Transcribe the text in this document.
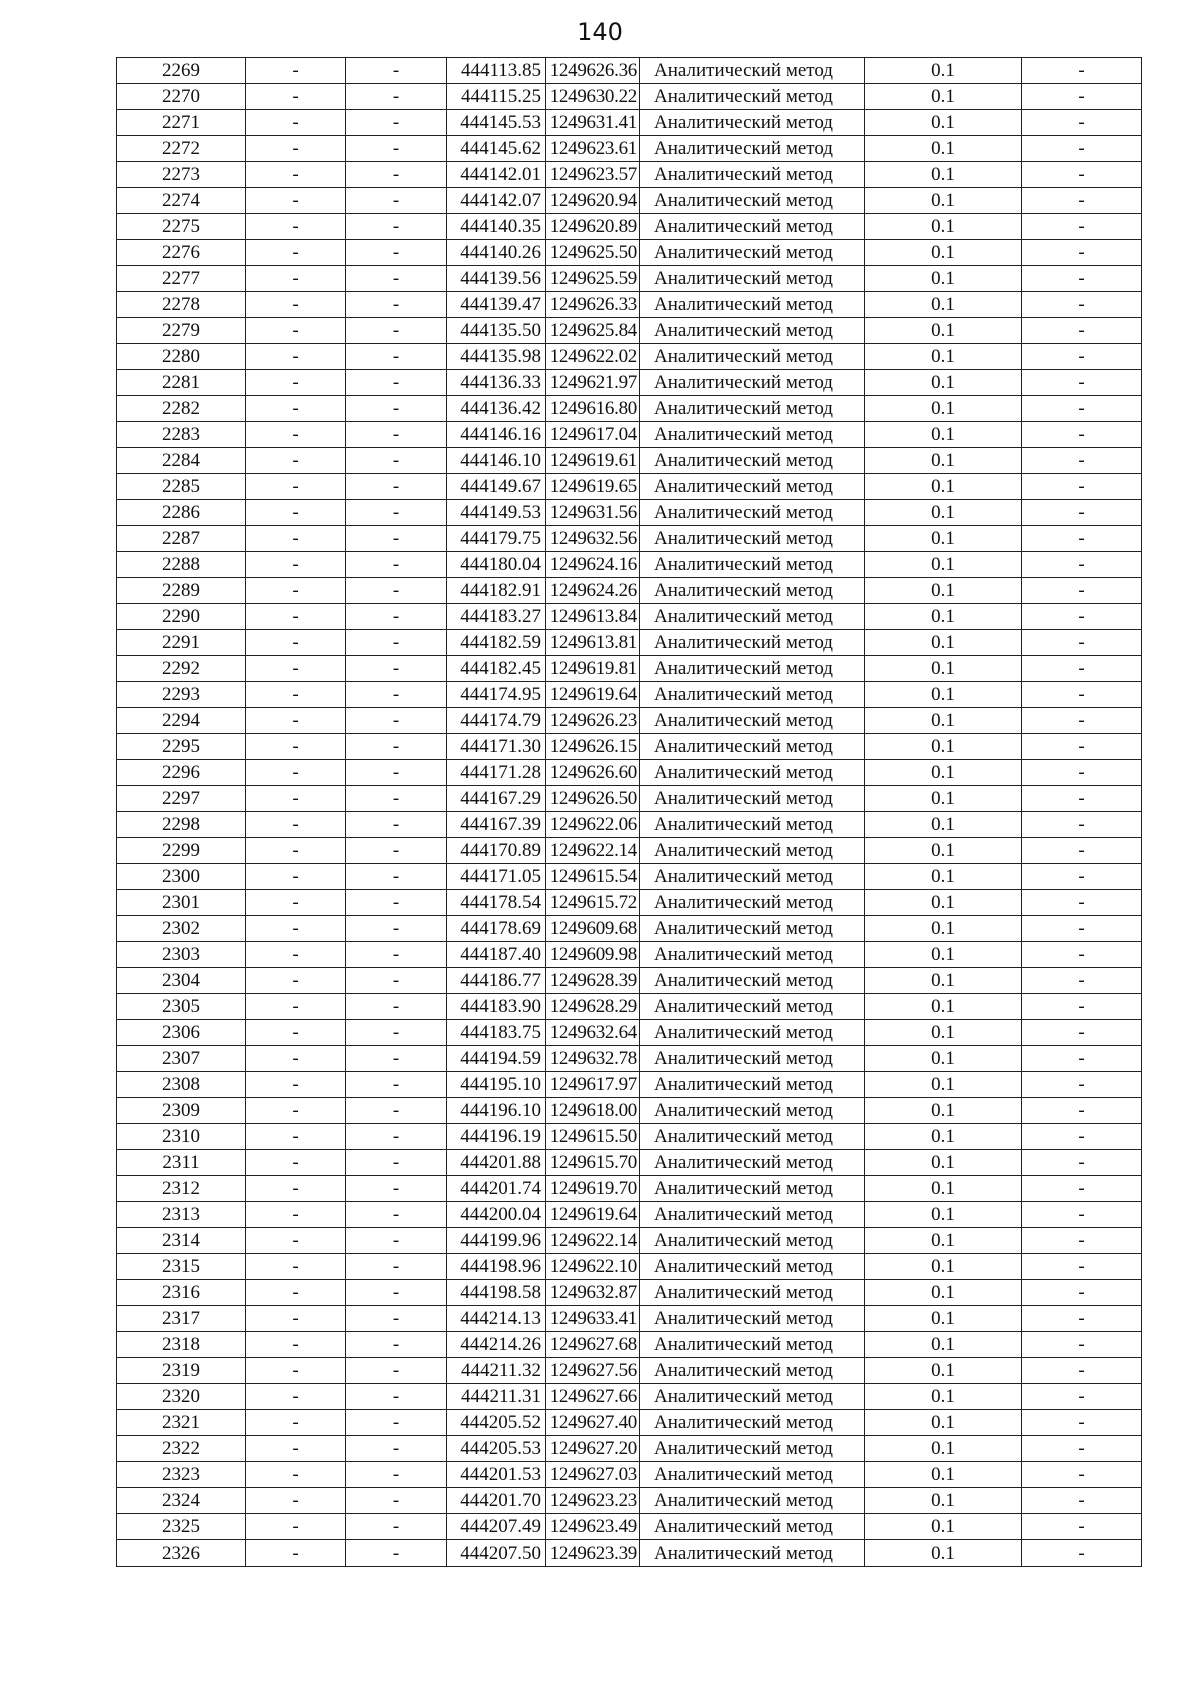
140
2269	-	-	444113.85	1249626.36	Аналитический метод	0.1	-
2270	-	-	444115.25	1249630.22	Аналитический метод	0.1	-
2271	-	-	444145.53	1249631.41	Аналитический метод	0.1	-
2272	-	-	444145.62	1249623.61	Аналитический метод	0.1	-
2273	-	-	444142.01	1249623.57	Аналитический метод	0.1	-
2274	-	-	444142.07	1249620.94	Аналитический метод	0.1	-
2275	-	-	444140.35	1249620.89	Аналитический метод	0.1	-
2276	-	-	444140.26	1249625.50	Аналитический метод	0.1	-
2277	-	-	444139.56	1249625.59	Аналитический метод	0.1	-
2278	-	-	444139.47	1249626.33	Аналитический метод	0.1	-
2279	-	-	444135.50	1249625.84	Аналитический метод	0.1	-
2280	-	-	444135.98	1249622.02	Аналитический метод	0.1	-
2281	-	-	444136.33	1249621.97	Аналитический метод	0.1	-
2282	-	-	444136.42	1249616.80	Аналитический метод	0.1	-
2283	-	-	444146.16	1249617.04	Аналитический метод	0.1	-
2284	-	-	444146.10	1249619.61	Аналитический метод	0.1	-
2285	-	-	444149.67	1249619.65	Аналитический метод	0.1	-
2286	-	-	444149.53	1249631.56	Аналитический метод	0.1	-
2287	-	-	444179.75	1249632.56	Аналитический метод	0.1	-
2288	-	-	444180.04	1249624.16	Аналитический метод	0.1	-
2289	-	-	444182.91	1249624.26	Аналитический метод	0.1	-
2290	-	-	444183.27	1249613.84	Аналитический метод	0.1	-
2291	-	-	444182.59	1249613.81	Аналитический метод	0.1	-
2292	-	-	444182.45	1249619.81	Аналитический метод	0.1	-
2293	-	-	444174.95	1249619.64	Аналитический метод	0.1	-
2294	-	-	444174.79	1249626.23	Аналитический метод	0.1	-
2295	-	-	444171.30	1249626.15	Аналитический метод	0.1	-
2296	-	-	444171.28	1249626.60	Аналитический метод	0.1	-
2297	-	-	444167.29	1249626.50	Аналитический метод	0.1	-
2298	-	-	444167.39	1249622.06	Аналитический метод	0.1	-
2299	-	-	444170.89	1249622.14	Аналитический метод	0.1	-
2300	-	-	444171.05	1249615.54	Аналитический метод	0.1	-
2301	-	-	444178.54	1249615.72	Аналитический метод	0.1	-
2302	-	-	444178.69	1249609.68	Аналитический метод	0.1	-
2303	-	-	444187.40	1249609.98	Аналитический метод	0.1	-
2304	-	-	444186.77	1249628.39	Аналитический метод	0.1	-
2305	-	-	444183.90	1249628.29	Аналитический метод	0.1	-
2306	-	-	444183.75	1249632.64	Аналитический метод	0.1	-
2307	-	-	444194.59	1249632.78	Аналитический метод	0.1	-
2308	-	-	444195.10	1249617.97	Аналитический метод	0.1	-
2309	-	-	444196.10	1249618.00	Аналитический метод	0.1	-
2310	-	-	444196.19	1249615.50	Аналитический метод	0.1	-
2311	-	-	444201.88	1249615.70	Аналитический метод	0.1	-
2312	-	-	444201.74	1249619.70	Аналитический метод	0.1	-
2313	-	-	444200.04	1249619.64	Аналитический метод	0.1	-
2314	-	-	444199.96	1249622.14	Аналитический метод	0.1	-
2315	-	-	444198.96	1249622.10	Аналитический метод	0.1	-
2316	-	-	444198.58	1249632.87	Аналитический метод	0.1	-
2317	-	-	444214.13	1249633.41	Аналитический метод	0.1	-
2318	-	-	444214.26	1249627.68	Аналитический метод	0.1	-
2319	-	-	444211.32	1249627.56	Аналитический метод	0.1	-
2320	-	-	444211.31	1249627.66	Аналитический метод	0.1	-
2321	-	-	444205.52	1249627.40	Аналитический метод	0.1	-
2322	-	-	444205.53	1249627.20	Аналитический метод	0.1	-
2323	-	-	444201.53	1249627.03	Аналитический метод	0.1	-
2324	-	-	444201.70	1249623.23	Аналитический метод	0.1	-
2325	-	-	444207.49	1249623.49	Аналитический метод	0.1	-
2326	-	-	444207.50	1249623.39	Аналитический метод	0.1	-
